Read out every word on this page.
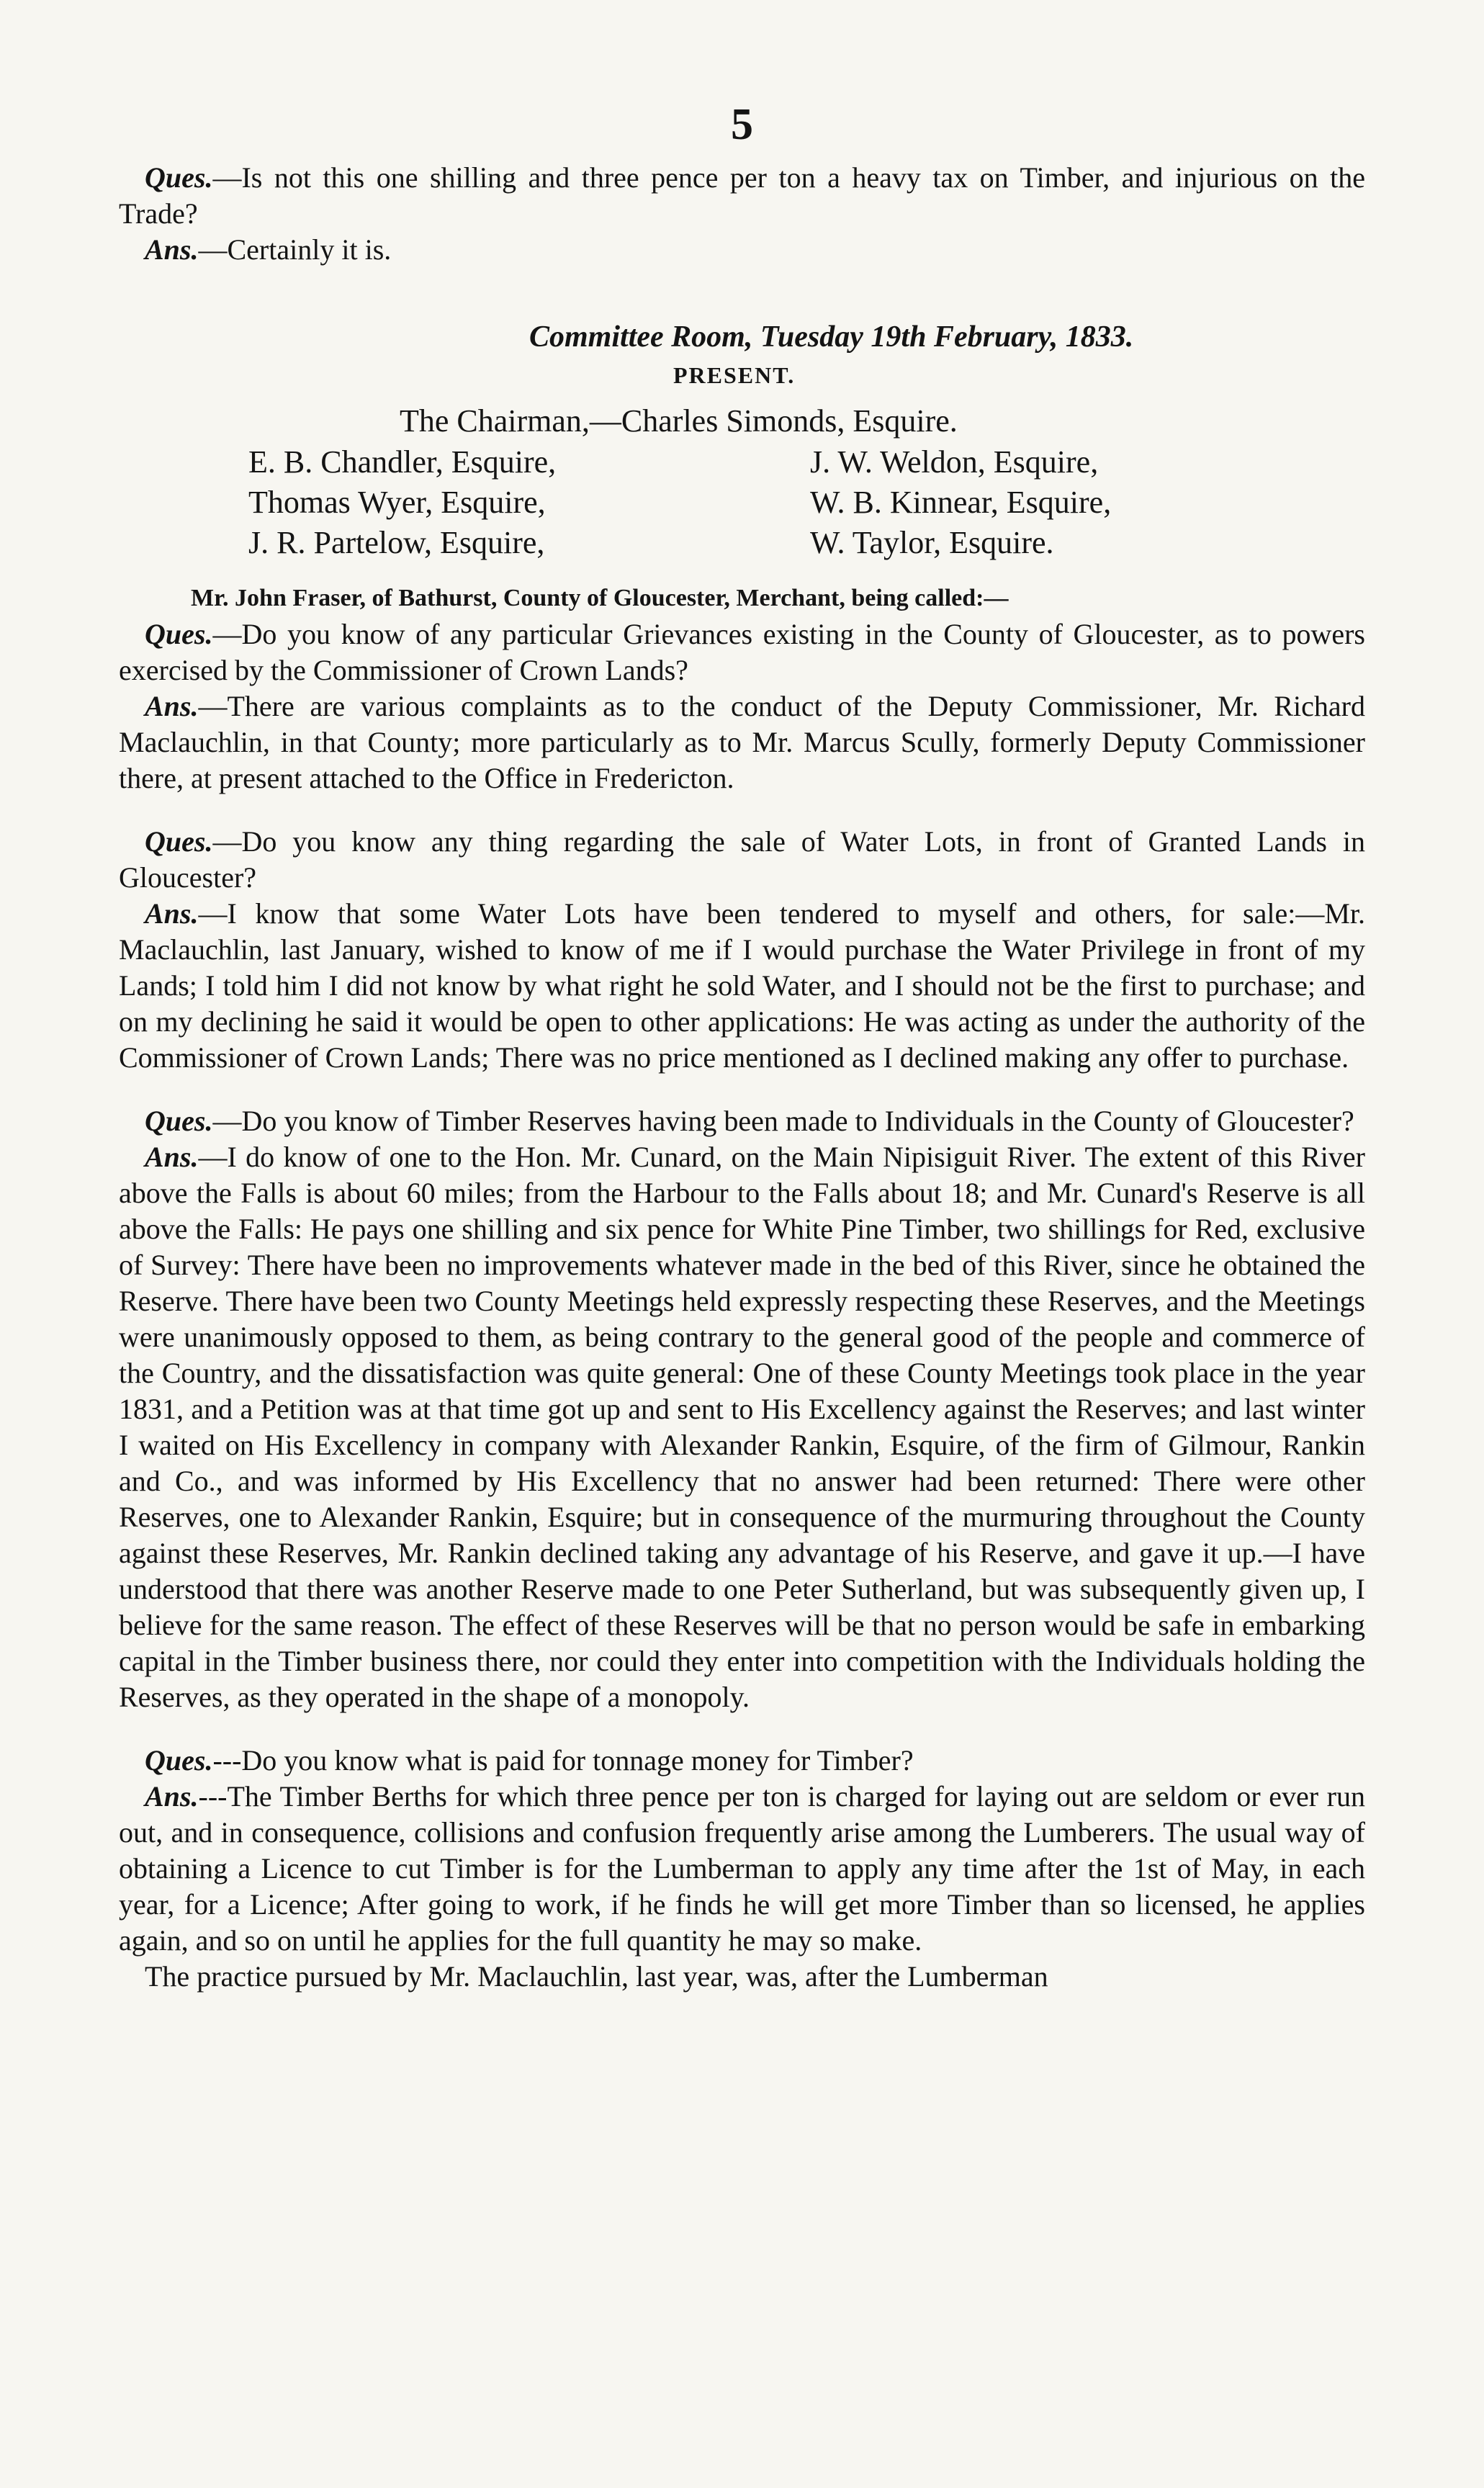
5

Ques.—Is not this one shilling and three pence per ton a heavy tax on Timber, and injurious on the Trade?

Ans.—Certainly it is.

Committee Room, Tuesday 19th February, 1833.

PRESENT.

The Chairman,—Charles Simonds, Esquire.

E. B. Chandler, Esquire,	J. W. Weldon, Esquire,
Thomas Wyer, Esquire,	W. B. Kinnear, Esquire,
J. R. Partelow, Esquire,	W. Taylor, Esquire.

Mr. John Fraser, of Bathurst, County of Gloucester, Merchant, being called:—

Ques.—Do you know of any particular Grievances existing in the County of Gloucester, as to powers exercised by the Commissioner of Crown Lands?

Ans.—There are various complaints as to the conduct of the Deputy Commissioner, Mr. Richard Maclauchlin, in that County; more particularly as to Mr. Marcus Scully, formerly Deputy Commissioner there, at present attached to the Office in Fredericton.

Ques.—Do you know any thing regarding the sale of Water Lots, in front of Granted Lands in Gloucester?

Ans.—I know that some Water Lots have been tendered to myself and others, for sale:—Mr. Maclauchlin, last January, wished to know of me if I would purchase the Water Privilege in front of my Lands; I told him I did not know by what right he sold Water, and I should not be the first to purchase; and on my declining he said it would be open to other applications: He was acting as under the authority of the Commissioner of Crown Lands; There was no price mentioned as I declined making any offer to purchase.

Ques.—Do you know of Timber Reserves having been made to Individuals in the County of Gloucester?

Ans.—I do know of one to the Hon. Mr. Cunard, on the Main Nipisiguit River. The extent of this River above the Falls is about 60 miles; from the Harbour to the Falls about 18; and Mr. Cunard's Reserve is all above the Falls: He pays one shilling and six pence for White Pine Timber, two shillings for Red, exclusive of Survey: There have been no improvements whatever made in the bed of this River, since he obtained the Reserve. There have been two County Meetings held expressly respecting these Reserves, and the Meetings were unanimously opposed to them, as being contrary to the general good of the people and commerce of the Country, and the dissatisfaction was quite general: One of these County Meetings took place in the year 1831, and a Petition was at that time got up and sent to His Excellency against the Reserves; and last winter I waited on His Excellency in company with Alexander Rankin, Esquire, of the firm of Gilmour, Rankin and Co., and was informed by His Excellency that no answer had been returned: There were other Reserves, one to Alexander Rankin, Esquire; but in consequence of the murmuring throughout the County against these Reserves, Mr. Rankin declined taking any advantage of his Reserve, and gave it up.—I have understood that there was another Reserve made to one Peter Sutherland, but was subsequently given up, I believe for the same reason. The effect of these Reserves will be that no person would be safe in embarking capital in the Timber business there, nor could they enter into competition with the Individuals holding the Reserves, as they operated in the shape of a monopoly.

Ques.---Do you know what is paid for tonnage money for Timber?

Ans.---The Timber Berths for which three pence per ton is charged for laying out are seldom or ever run out, and in consequence, collisions and confusion frequently arise among the Lumberers. The usual way of obtaining a Licence to cut Timber is for the Lumberman to apply any time after the 1st of May, in each year, for a Licence; After going to work, if he finds he will get more Timber than so licensed, he applies again, and so on until he applies for the full quantity he may so make.

The practice pursued by Mr. Maclauchlin, last year, was, after the Lumberman
